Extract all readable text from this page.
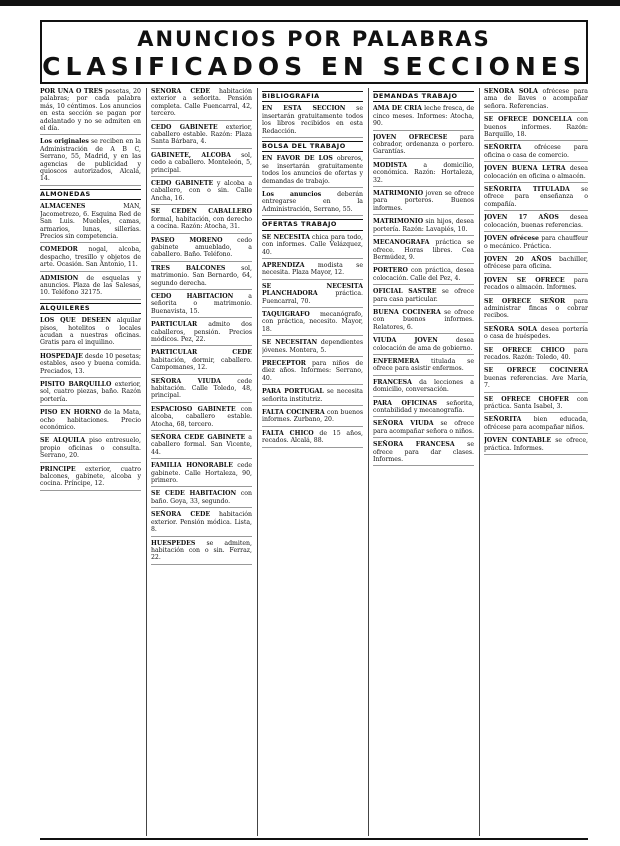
ANUNCIOS POR PALABRAS
CLASIFICADOS EN SECCIONES
POR UNA O TRES pesetas, 20 palabras; por cada palabra más, 10 céntimos. Los anuncios en esta sección se pagan por adelantado y no se admiten en el día.
Los originales se reciben en la Administración de A B C, Serrano, 55, Madrid, y en las agencias de publicidad y quioscos autorizados, Alcalá, 14.
ALMONEDAS
ALMACENES MAN, Jacometrezo, 6. Esquina Red de San Luis. Muebles, camas, armarios, lunas, sillerías. Precios sin competencia.
COMEDOR nogal, alcoba, despacho, tresillo y objetos de arte. Ocasión. San Antonio, 11.
ADMISION de esquelas y anuncios. Plaza de las Salesas, 10. Teléfono 32175.
ALQUILERES
LOS QUE DESEEN alquilar pisos, hotelitos o locales acudan a nuestras oficinas. Gratis para el inquilino.
HOSPEDAJE desde 10 pesetas; estables, aseo y buena comida. Preciados, 13.
PISITO BARQUILLO exterior, sol, cuatro piezas, baño. Razón portería.
PISO EN HORNO de la Mata, ocho habitaciones. Precio económico.
SE ALQUILA piso entresuelo, propio oficinas o consulta. Serrano, 20.
PRINCIPE exterior, cuatro balcones, gabinete, alcoba y cocina. Príncipe, 12.
SEÑORA CEDE habitación exterior a señorita. Pensión completa. Calle Fuencarral, 42, tercero.
CEDO GABINETE exterior, caballero estable. Razón: Plaza Santa Bárbara, 4.
GABINETE, ALCOBA sol, cedo a caballero. Monteleón, 5, principal.
CEDO GABINETE y alcoba a caballero, con o sin. Calle Ancha, 16.
SE CEDEN CABALLERO formal, habitación, con derecho a cocina. Razón: Atocha, 31.
PASEO MORENO cedo gabinete amueblado, a caballero. Baño. Teléfono.
TRES BALCONES sol, matrimonio. San Bernardo, 64, segundo derecha.
CEDO HABITACION a señorita o matrimonio. Buenavista, 15.
PARTICULAR admito dos caballeros, pensión. Precios módicos. Pez, 22.
PARTICULAR CEDE habitación, dormir, caballero. Campomanes, 12.
SEÑORA VIUDA cede habitación. Calle Toledo, 48, principal.
ESPACIOSO GABINETE con alcoba, caballero estable. Atocha, 68, tercero.
SEÑORA CEDE GABINETE a caballero formal. San Vicente, 44.
FAMILIA HONORABLE cede gabinete. Calle Hortaleza, 90, primero.
SE CEDE HABITACION con baño. Goya, 33, segundo.
SEÑORA CEDE habitación exterior. Pensión módica. Lista, 8.
HUESPEDES se admiten, habitación con o sin. Ferraz, 22.
BIBLIOGRAFIA
EN ESTA SECCION se insertarán gratuitamente todos los libros recibidos en esta Redacción.
BOLSA DEL TRABAJO
EN FAVOR DE LOS obreros, se insertarán gratuitamente todos los anuncios de ofertas y demandas de trabajo.
Los anuncios deberán entregarse en la Administración, Serrano, 55.
OFERTAS TRABAJO
SE NECESITA chica para todo, con informes. Calle Velázquez, 40.
APRENDIZA modista se necesita. Plaza Mayor, 12.
SE NECESITA PLANCHADORA práctica. Fuencarral, 70.
TAQUIGRAFO mecanógrafo, con práctica, necesito. Mayor, 18.
SE NECESITAN dependientes jóvenes. Montera, 5.
PRECEPTOR para niños de diez años. Informes: Serrano, 40.
PARA PORTUGAL se necesita señorita institutriz.
FALTA COCINERA con buenos informes. Zurbano, 20.
FALTA CHICO de 15 años, recados. Alcalá, 88.
DEMANDAS TRABAJO
AMA DE CRIA leche fresca, de cinco meses. Informes: Atocha, 90.
JOVEN OFRECESE para cobrador, ordenanza o portero. Garantías.
MODISTA a domicilio, económica. Razón: Hortaleza, 32.
MATRIMONIO joven se ofrece para porteros. Buenos informes.
MATRIMONIO sin hijos, desea portería. Razón: Lavapiés, 10.
MECANOGRAFA práctica se ofrece. Horas libres. Cea Bermúdez, 9.
PORTERO con práctica, desea colocación. Calle del Pez, 4.
OFICIAL SASTRE se ofrece para casa particular.
BUENA COCINERA se ofrece con buenos informes. Relatores, 6.
VIUDA JOVEN desea colocación de ama de gobierno.
ENFERMERA titulada se ofrece para asistir enfermos.
FRANCESA da lecciones a domicilio, conversación.
PARA OFICINAS señorita, contabilidad y mecanografía.
SEÑORA VIUDA se ofrece para acompañar señora o niños.
SEÑORA FRANCESA se ofrece para dar clases. Informes.
SEÑORA SOLA ofrécese para ama de llaves o acompañar señora. Referencias.
SE OFRECE DONCELLA con buenos informes. Razón: Barquillo, 18.
SEÑORITA ofrécese para oficina o casa de comercio.
JOVEN BUENA LETRA desea colocación en oficina o almacén.
SEÑORITA TITULADA se ofrece para enseñanza o compañía.
JOVEN 17 AÑOS desea colocación, buenas referencias.
JOVEN ofrécese para chauffeur o mecánico. Práctica.
JOVEN 20 AÑOS bachiller, ofrécese para oficina.
JOVEN SE OFRECE para recados o almacén. Informes.
SE OFRECE SEÑOR para administrar fincas o cobrar recibos.
SEÑORA SOLA desea portería o casa de huéspedes.
SE OFRECE CHICO para recados. Razón: Toledo, 40.
SE OFRECE COCINERA buenas referencias. Ave María, 7.
SE OFRECE CHOFER con práctica. Santa Isabel, 3.
SEÑORITA bien educada, ofrécese para acompañar niños.
JOVEN CONTABLE se ofrece, práctica. Informes.
